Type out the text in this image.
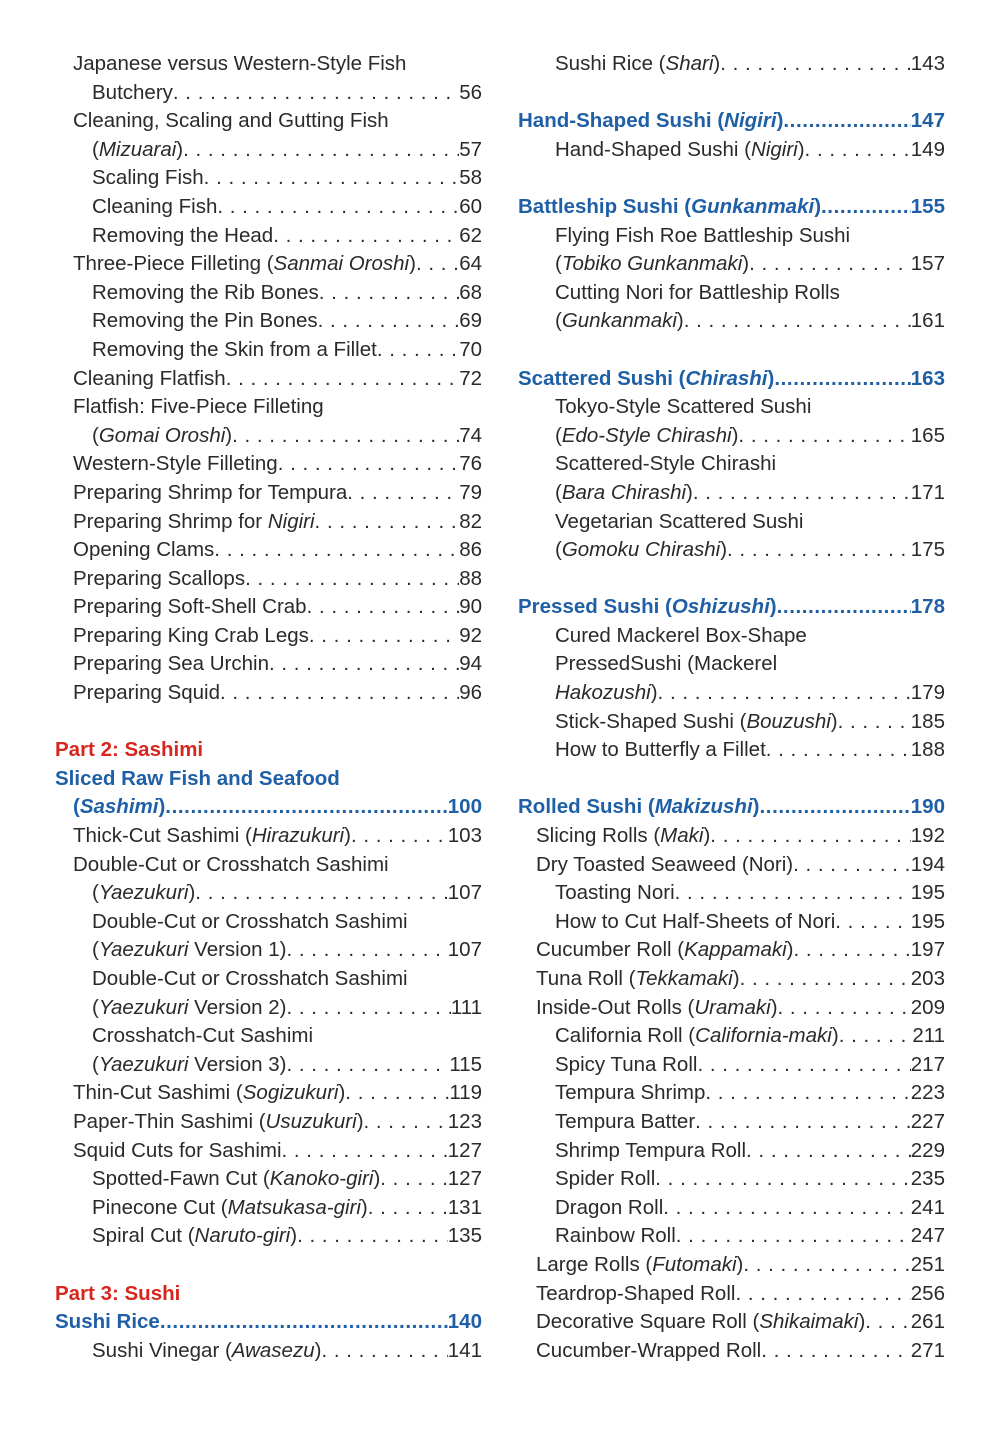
Japanese versus Western-Style Fish
Butchery . . .	56
Cleaning, Scaling and Gutting Fish
(Mizuarai) . . .	57
Scaling Fish . . .	58
Cleaning Fish . . .	60
Removing the Head . . .	62
Three-Piece Filleting (Sanmai Oroshi) . . . 64
Removing the Rib Bones . . .	68
Removing the Pin Bones . . .	69
Removing the Skin from a Fillet . . .	70
Cleaning Flatfish . . .	72
Flatfish: Five-Piece Filleting
(Gomai Oroshi) . . .	74
Western-Style Filleting . . .	76
Preparing Shrimp for Tempura . . .	79
Preparing Shrimp for Nigiri . . .	82
Opening Clams . . .	86
Preparing Scallops . . .	88
Preparing Soft-Shell Crab . . .	90
Preparing King Crab Legs . . .	92
Preparing Sea Urchin . . .	94
Preparing Squid . . .	96
Part 2: Sashimi
Sliced Raw Fish and Seafood
(Sashimi) .....	100
Thick-Cut Sashimi (Hirazukuri) . . .	103
Double-Cut or Crosshatch Sashimi
(Yaezukuri) . . .	107
Double-Cut or Crosshatch Sashimi
(Yaezukuri Version 1) . . .	107
Double-Cut or Crosshatch Sashimi
(Yaezukuri Version 2) . . .	111
Crosshatch-Cut Sashimi
(Yaezukuri Version 3) . . .	115
Thin-Cut Sashimi (Sogizukuri) . . .	119
Paper-Thin Sashimi (Usuzukuri) . . .	123
Squid Cuts for Sashimi . . .	127
Spotted-Fawn Cut (Kanoko-giri) . . .	127
Pinecone Cut (Matsukasa-giri) . . .	131
Spiral Cut (Naruto-giri) . . .	135
Part 3: Sushi
Sushi Rice .....	140
Sushi Vinegar (Awasezu) . . .	141
Sushi Rice (Shari) . . .	143
Hand-Shaped Sushi (Nigiri) .....	147
Hand-Shaped Sushi (Nigiri) . . .	149
Battleship Sushi (Gunkanmaki) .....	155
Flying Fish Roe Battleship Sushi
(Tobiko Gunkanmaki) . . .	157
Cutting Nori for Battleship Rolls
(Gunkanmaki) . . .	161
Scattered Sushi (Chirashi) .....	163
Tokyo-Style Scattered Sushi
(Edo-Style Chirashi) . . .	165
Scattered-Style Chirashi
(Bara Chirashi) . . .	171
Vegetarian Scattered Sushi
(Gomoku Chirashi) . . .	175
Pressed Sushi (Oshizushi) .....	178
Cured Mackerel Box-Shape
PressedSushi (Mackerel
Hakozushi) . . .	179
Stick-Shaped Sushi (Bouzushi) . . .	185
How to Butterfly a Fillet . . .	188
Rolled Sushi (Makizushi) .....	190
Slicing Rolls (Maki) . . .	192
Dry Toasted Seaweed (Nori) . . .	194
Toasting Nori . . .	195
How to Cut Half-Sheets of Nori . . .	195
Cucumber Roll (Kappamaki) . . .	197
Tuna Roll (Tekkamaki) . . .	203
Inside-Out Rolls (Uramaki) . . .	209
California Roll (California-maki) . . .	211
Spicy Tuna Roll . . .	217
Tempura Shrimp . . .	223
Tempura Batter . . .	227
Shrimp Tempura Roll . . .	229
Spider Roll . . .	235
Dragon Roll . . .	241
Rainbow Roll . . .	247
Large Rolls (Futomaki) . . .	251
Teardrop-Shaped Roll . . .	256
Decorative Square Roll (Shikaimaki) . . . 261
Cucumber-Wrapped Roll . . .	271
